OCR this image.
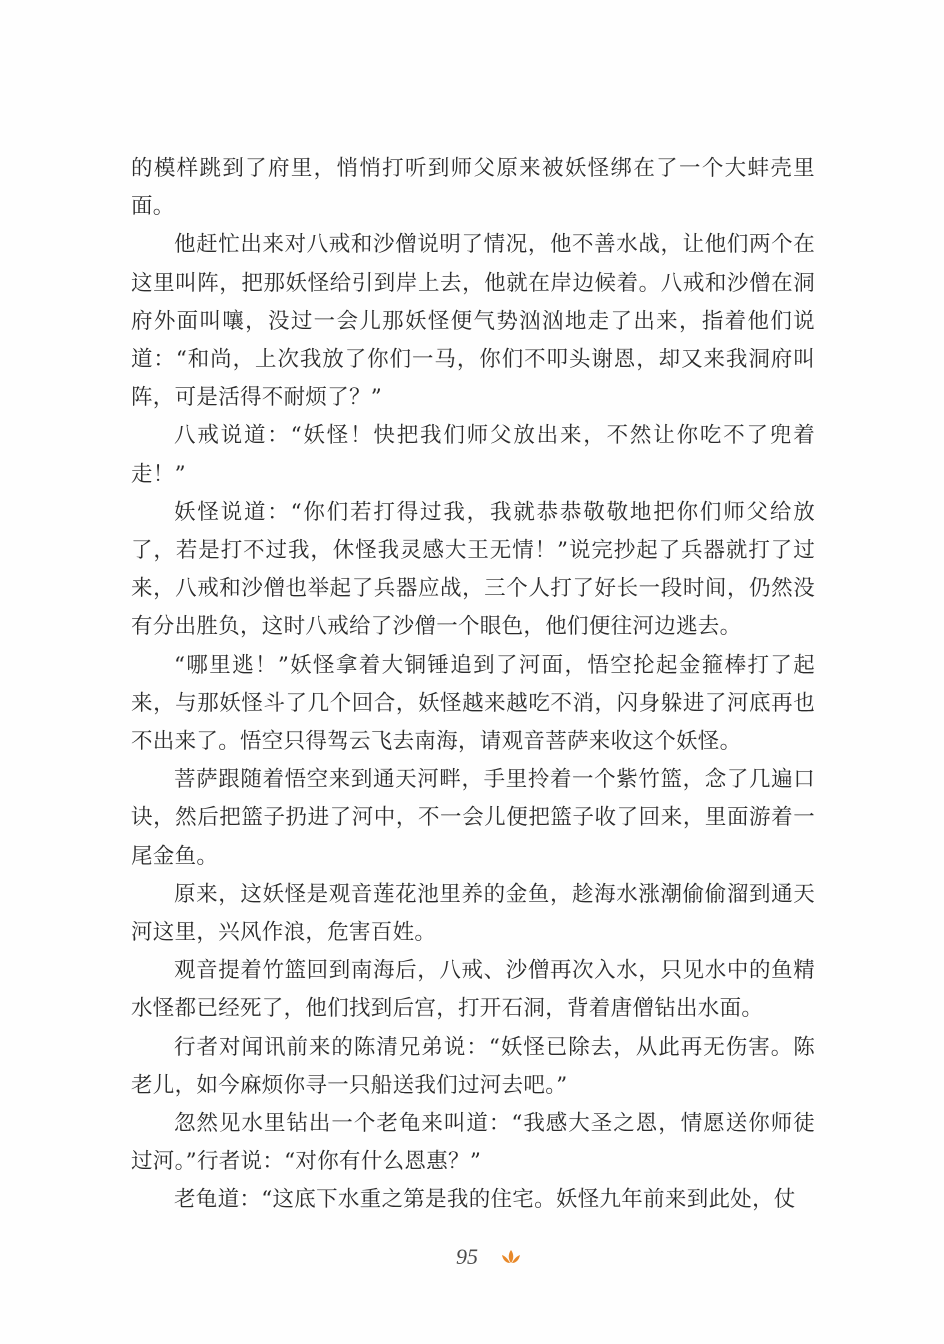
的模样跳到了府里，悄悄打听到师父原来被妖怪绑在了一个大蚌壳里面。

他赶忙出来对八戒和沙僧说明了情况，他不善水战，让他们两个在这里叫阵，把那妖怪给引到岸上去，他就在岸边候着。八戒和沙僧在洞府外面叫嚷，没过一会儿那妖怪便气势汹汹地走了出来，指着他们说道：“和尚，上次我放了你们一马，你们不叩头谢恩，却又来我洞府叫阵，可是活得不耐烦了？”

八戒说道：“妖怪！快把我们师父放出来，不然让你吃不了兜着走！”

妖怪说道：“你们若打得过我，我就恭恭敬敬地把你们师父给放了，若是打不过我，休怪我灵感大王无情！”说完抄起了兵器就打了过来，八戒和沙僧也举起了兵器应战，三个人打了好长一段时间，仍然没有分出胜负，这时八戒给了沙僧一个眼色，他们便往河边逃去。

“哪里逃！”妖怪拿着大铜锤追到了河面，悟空抡起金箍棒打了起来，与那妖怪斗了几个回合，妖怪越来越吃不消，闪身躲进了河底再也不出来了。悟空只得驾云飞去南海，请观音菩萨来收这个妖怪。

菩萨跟随着悟空来到通天河畔，手里拎着一个紫竹篮，念了几遍口诀，然后把篮子扔进了河中，不一会儿便把篮子收了回来，里面游着一尾金鱼。

原来，这妖怪是观音莲花池里养的金鱼，趁海水涨潮偷偷溜到通天河这里，兴风作浪，危害百姓。

观音提着竹篮回到南海后，八戒、沙僧再次入水，只见水中的鱼精水怪都已经死了，他们找到后宫，打开石洞，背着唐僧钻出水面。

行者对闻讯前来的陈清兄弟说：“妖怪已除去，从此再无伤害。陈老儿，如今麻烦你寻一只船送我们过河去吧。”

忽然见水里钻出一个老龟来叫道：“我感大圣之恩，情愿送你师徒过河。”行者说：“对你有什么恩惠？”

老龟道：“这底下水重之第是我的住宅。妖怪九年前来到此处，仗

95
